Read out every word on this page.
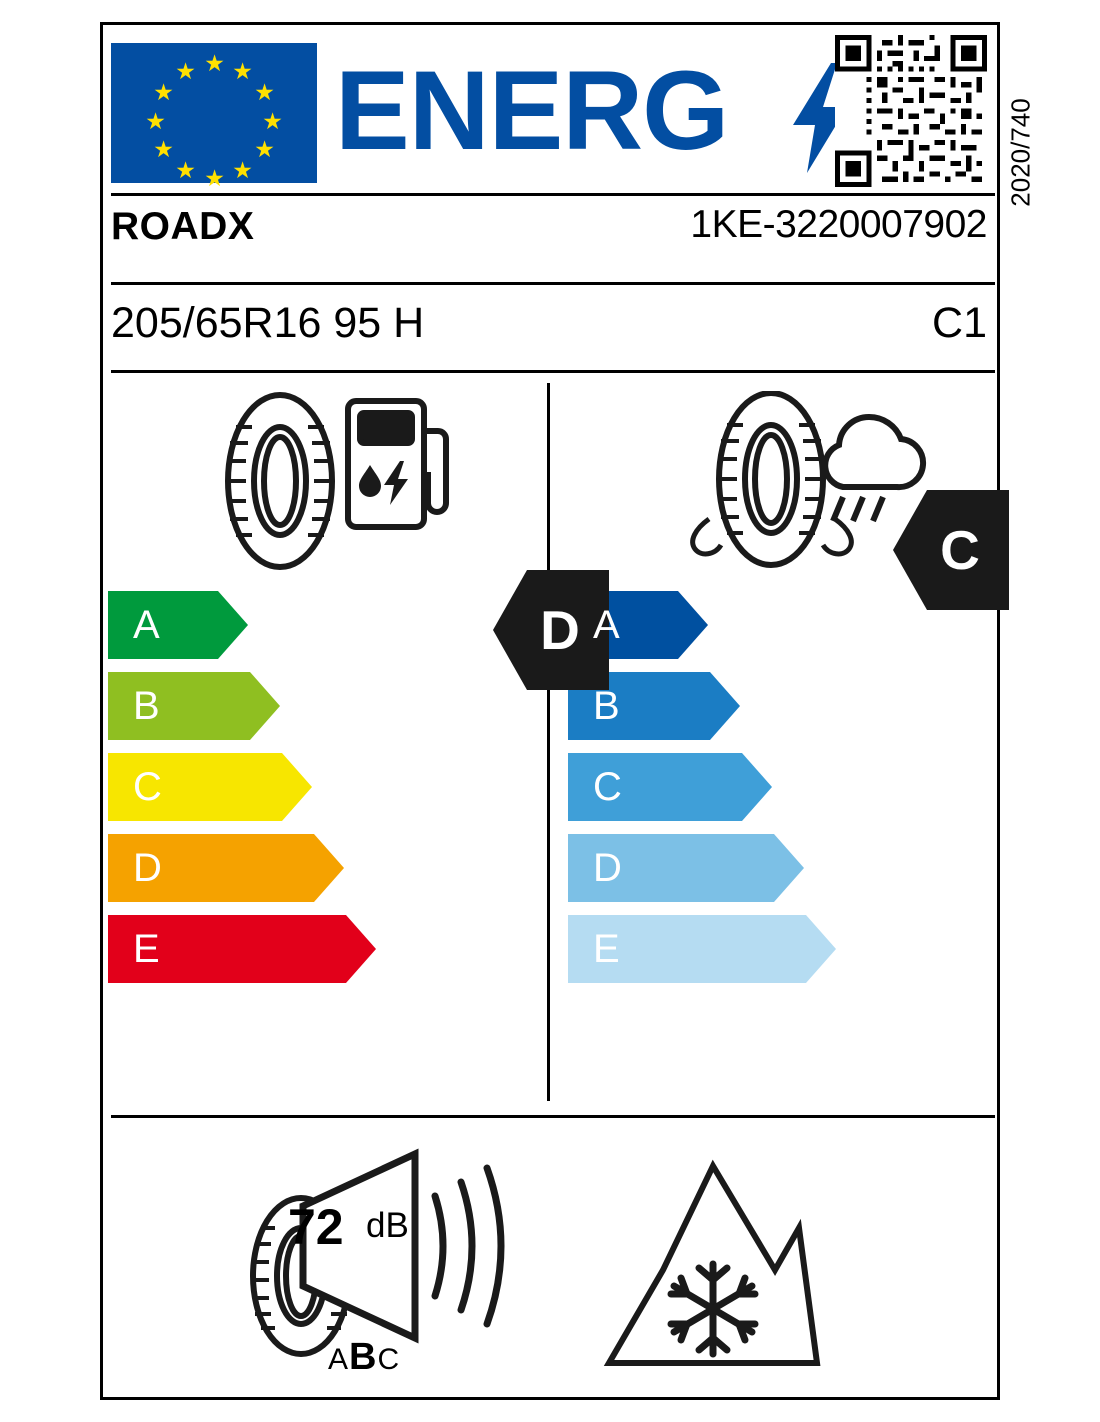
★
★
★
★
★
★ ★ ★
★
★
★
★ ENERG
ROADX	1KE-3220007902
205/65R16 95 H	C1
A
B
C
D
E
A
B
C
D
E
D
C
72 dB
ABC
2020/740
